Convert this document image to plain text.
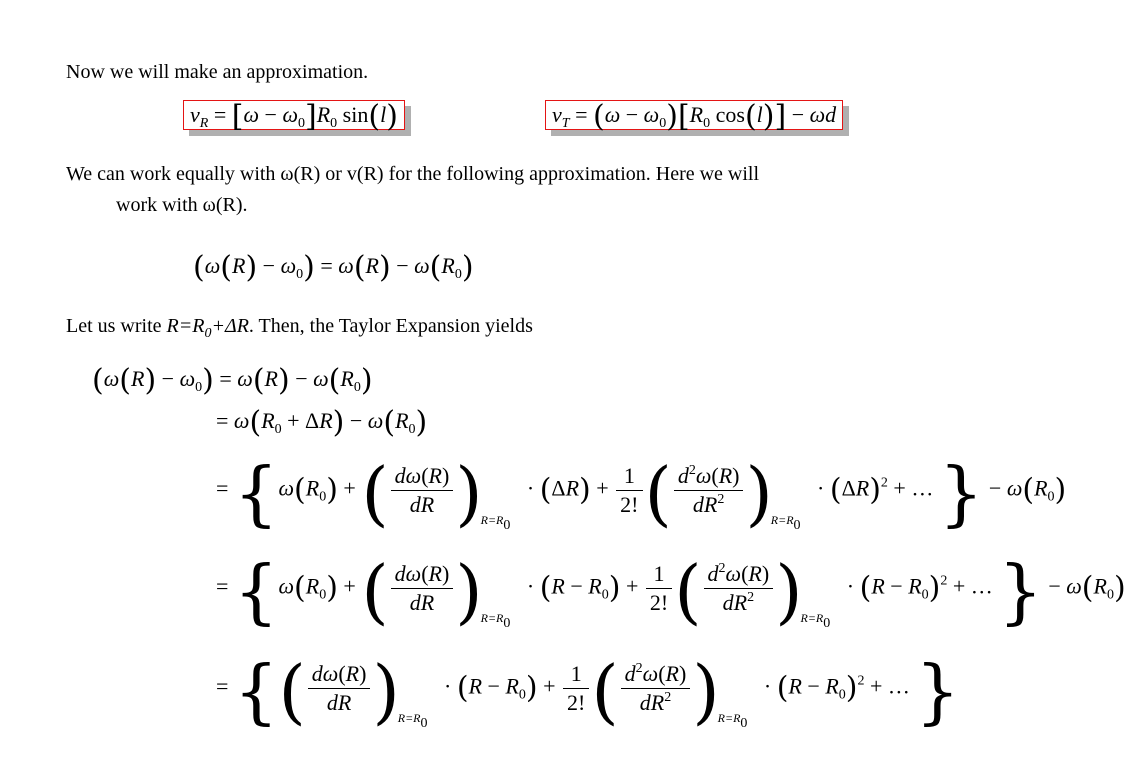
Now we will make an approximation.
$v_R = [\omega - \omega_0]R_0$ sin(l)	$v_T = (\omega - \omega_0)[R_0$ cos(l)] − ωd
We can work equally with ω(R) or v(R) for the following approximation. Here we will
work with ω(R).
$(\omega(R) - \omega_0) = \omega(R) - \omega(R_0)$
Let us write $R=R_0+\Delta R$. Then, the Taylor Expansion yields
$(\omega(R) - \omega_0) = \omega(R) - \omega(R_0)$
= $\omega(R_0 + \Delta R) - \omega(R_0)$
= {$\omega(R_0)$ + ( $\frac{d\omega(R)}{dR} )_{R=R_0} \cdot (\Delta R) + \frac{1}{2!}$ ( $\frac{d^2\omega(R)}{dR^2} )_{R=R_0} \cdot (\Delta R)^2$ + … } − $\omega(R_0)$
= {$\omega(R_0)$ + ( $\frac{d\omega(R)}{dR} )_{R=R_0} \cdot (R - R_0) + \frac{1}{2!}$ ( $\frac{d^2\omega(R)}{dR^2} )_{R=R_0} \cdot (R - R_0)^2$ + … } − $\omega(R_0)$
= {( $\frac{d\omega(R)}{dR} )_{R=R_0} \cdot (R - R_0) + \frac{1}{2!}$ ( $\frac{d^2\omega(R)}{dR^2} )_{R=R_0} \cdot (R - R_0)^2$ + … }
